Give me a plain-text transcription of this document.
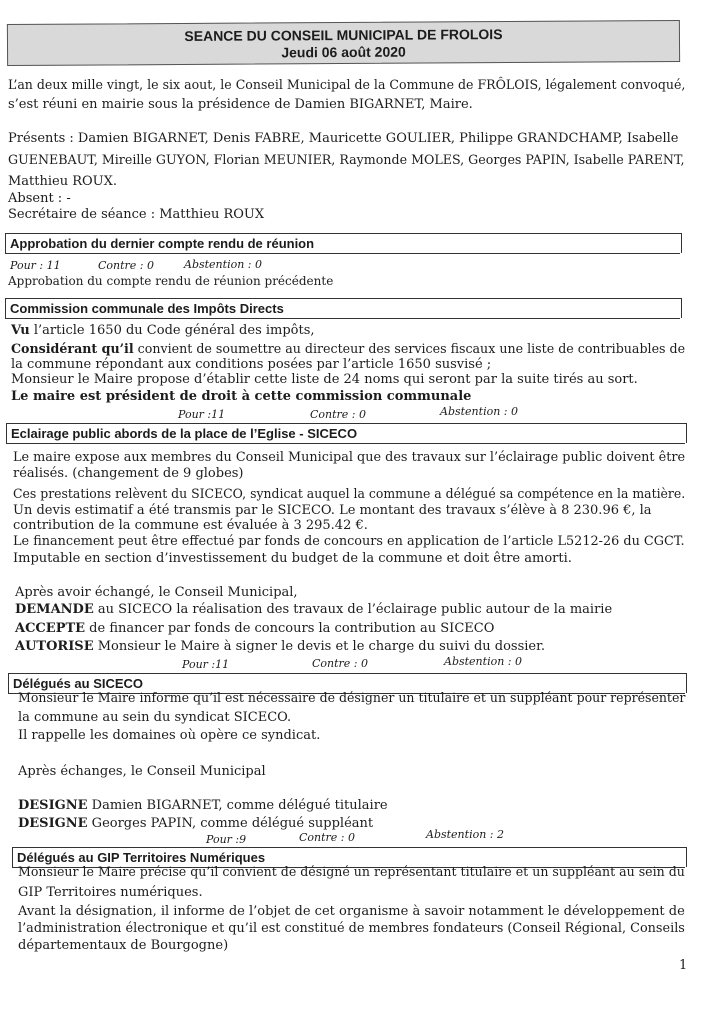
SEANCE DU CONSEIL MUNICIPAL DE FROLOIS
Jeudi 06 août 2020
L’an deux mille vingt, le six aout, le Conseil Municipal de la Commune de FRÔLOIS, légalement convoqué,
s’est réuni en mairie sous la présidence de Damien BIGARNET, Maire.
Présents : Damien BIGARNET, Denis FABRE, Mauricette GOULIER, Philippe GRANDCHAMP, Isabelle
GUENEBAUT, Mireille GUYON, Florian MEUNIER, Raymonde MOLES, Georges PAPIN, Isabelle PARENT,
Matthieu ROUX.
Absent : -
Secrétaire de séance : Matthieu ROUX
Approbation du dernier compte rendu de réunion
Pour : 11	Contre : 0	Abstention : 0
Approbation du compte rendu de réunion précédente
Commission communale des Impôts Directs
Vu l’article 1650 du Code général des impôts,
Considérant qu’il convient de soumettre au directeur des services fiscaux une liste de contribuables de
la commune répondant aux conditions posées par l’article 1650 susvisé ;
Monsieur le Maire propose d’établir cette liste de 24 noms qui seront par la suite tirés au sort.
Le maire est président de droit à cette commission communale
Pour :11	Contre : 0	Abstention : 0
Eclairage public abords de la place de l’Eglise - SICECO
Le maire expose aux membres du Conseil Municipal que des travaux sur l’éclairage public doivent être
réalisés. (changement de 9 globes)
Ces prestations relèvent du SICECO, syndicat auquel la commune a délégué sa compétence en la matière.
Un devis estimatif a été transmis par le SICECO. Le montant des travaux s’élève à 8 230.96 €, la
contribution de la commune est évaluée à 3 295.42 €.
Le financement peut être effectué par fonds de concours en application de l’article L5212-26 du CGCT.
Imputable en section d’investissement du budget de la commune et doit être amorti.
Après avoir échangé, le Conseil Municipal,
DEMANDE au SICECO la réalisation des travaux de l’éclairage public autour de la mairie
ACCEPTE de financer par fonds de concours la contribution au SICECO
AUTORISE Monsieur le Maire à signer le devis et le charge du suivi du dossier.
Pour :11	Contre : 0	Abstention : 0
Délégués au SICECO
Monsieur le Maire informe qu’il est nécessaire de désigner un titulaire et un suppléant pour représenter
la commune au sein du syndicat SICECO.
Il rappelle les domaines où opère ce syndicat.
Après échanges, le Conseil Municipal
DESIGNE Damien BIGARNET, comme délégué titulaire
DESIGNE Georges PAPIN, comme délégué suppléant
Pour :9	Contre : 0	Abstention : 2
Délégués au GIP Territoires Numériques
Monsieur le Maire précise qu’il convient de désigné un représentant titulaire et un suppléant au sein du
GIP Territoires numériques.
Avant la désignation, il informe de l’objet de cet organisme à savoir notamment le développement de
l’administration électronique et qu’il est constitué de membres fondateurs (Conseil Régional, Conseils
départementaux de Bourgogne)
1
